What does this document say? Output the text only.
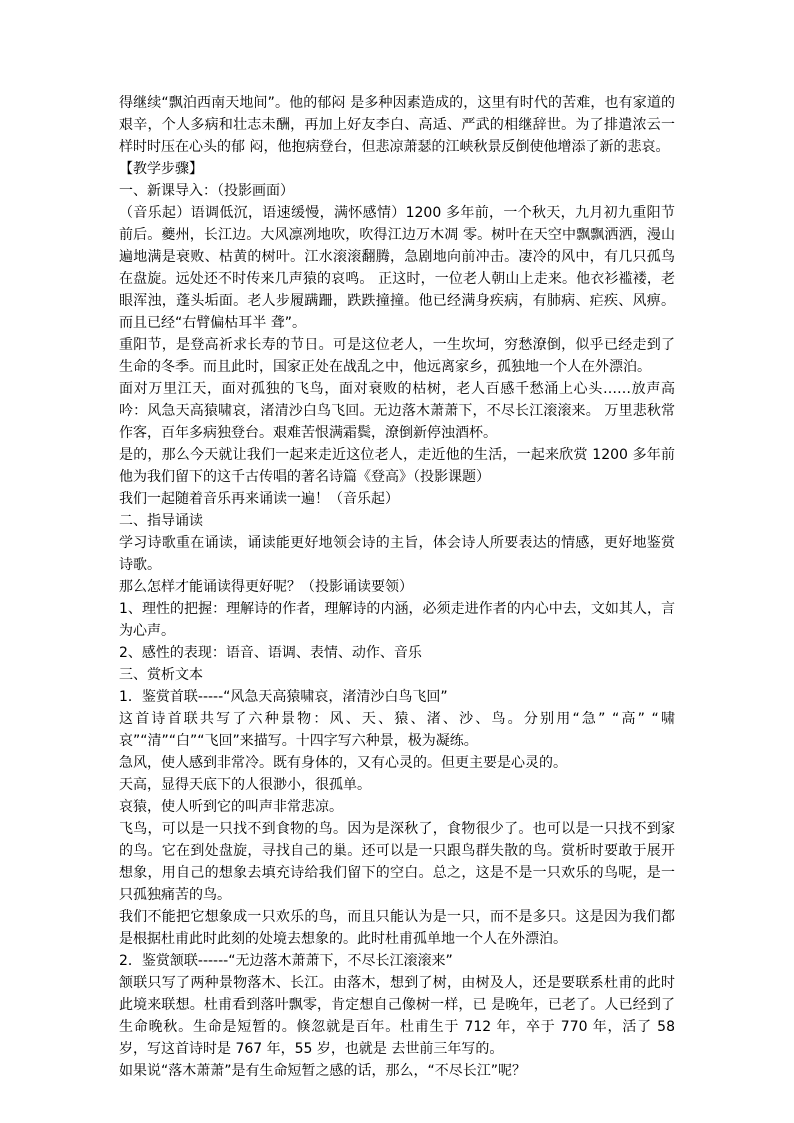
得继续“飘泊西南天地间”。他的郁闷 是多种因素造成的，这里有时代的苦难，也有家道的艰辛，个人多病和壮志未酬，再加上好友李白、高适、严武的相继辞世。为了排遣浓云一样时时压在心头的郁 闷，他抱病登台，但悲凉萧瑟的江峡秋景反倒使他增添了新的悲哀。

【教学步骤】

一、新课导入：（投影画面）

（音乐起）语调低沉，语速缓慢，满怀感情）1200 多年前，一个秋天，九月初九重阳节前后。夔州，长江边。大风凛冽地吹，吹得江边万木凋 零。树叶在天空中飘飘洒洒，漫山遍地满是衰败、枯黄的树叶。江水滚滚翻腾，急剧地向前冲击。凄冷的风中，有几只孤鸟在盘旋。远处还不时传来几声猿的哀鸣。 正这时，一位老人朝山上走来。他衣衫褴褛，老眼浑浊，蓬头垢面。老人步履蹒跚，跌跌撞撞。他已经满身疾病，有肺病、疟疾、风痹。而且已经“右臂偏枯耳半 聋”。

重阳节，是登高祈求长寿的节日。可是这位老人，一生坎坷，穷愁潦倒，似乎已经走到了生命的冬季。而且此时，国家正处在战乱之中，他远离家乡，孤独地一个人在外漂泊。

面对万里江天，面对孤独的飞鸟，面对衰败的枯树，老人百感千愁涌上心头……放声高吟：风急天高猿啸哀，渚清沙白鸟飞回。无边落木萧萧下，不尽长江滚滚来。 万里悲秋常作客，百年多病独登台。艰难苦恨满霜鬓，潦倒新停浊酒杯。

是的，那么今天就让我们一起来走近这位老人，走近他的生活，一起来欣赏 1200 多年前他为我们留下的这千古传唱的著名诗篇《登高》（投影课题）

我们一起随着音乐再来诵读一遍！（音乐起）

二、指导诵读

学习诗歌重在诵读，诵读能更好地领会诗的主旨，体会诗人所要表达的情感，更好地鉴赏诗歌。

那么怎样才能诵读得更好呢？（投影诵读要领）

1、理性的把握：理解诗的作者，理解诗的内涵，必须走进作者的内心中去，文如其人，言为心声。

2、感性的表现：语音、语调、表情、动作、音乐

三、赏析文本

1．鉴赏首联-----“风急天高猿啸哀，渚清沙白鸟飞回”

这首诗首联共写了六种景物：风、天、猿、渚、沙、鸟。分别用“急” “高” “啸 哀”“清”“白”“飞回”来描写。十四字写六种景，极为凝练。

急风，使人感到非常冷。既有身体的，又有心灵的。但更主要是心灵的。

天高，显得天底下的人很渺小，很孤单。

哀猿，使人听到它的叫声非常悲凉。

飞鸟，可以是一只找不到食物的鸟。因为是深秋了，食物很少了。也可以是一只找不到家的鸟。它在到处盘旋，寻找自己的巢。还可以是一只跟鸟群失散的鸟。赏析时要敢于展开想象，用自己的想象去填充诗给我们留下的空白。总之，这是不是一只欢乐的鸟呢，是一只孤独痛苦的鸟。

我们不能把它想象成一只欢乐的鸟，而且只能认为是一只，而不是多只。这是因为我们都是根据杜甫此时此刻的处境去想象的。此时杜甫孤单地一个人在外漂泊。

2．鉴赏颔联------“无边落木萧萧下，不尽长江滚滚来”

颔联只写了两种景物落木、长江。由落木，想到了树，由树及人，还是要联系杜甫的此时此境来联想。杜甫看到落叶飘零，肯定想自己像树一样，已 是晚年，已老了。人已经到了生命晚秋。生命是短暂的。倏忽就是百年。杜甫生于 712 年，卒于 770 年，活了 58 岁，写这首诗时是 767 年，55 岁，也就是 去世前三年写的。

如果说“落木萧萧”是有生命短暂之感的话，那么，“不尽长江”呢？
